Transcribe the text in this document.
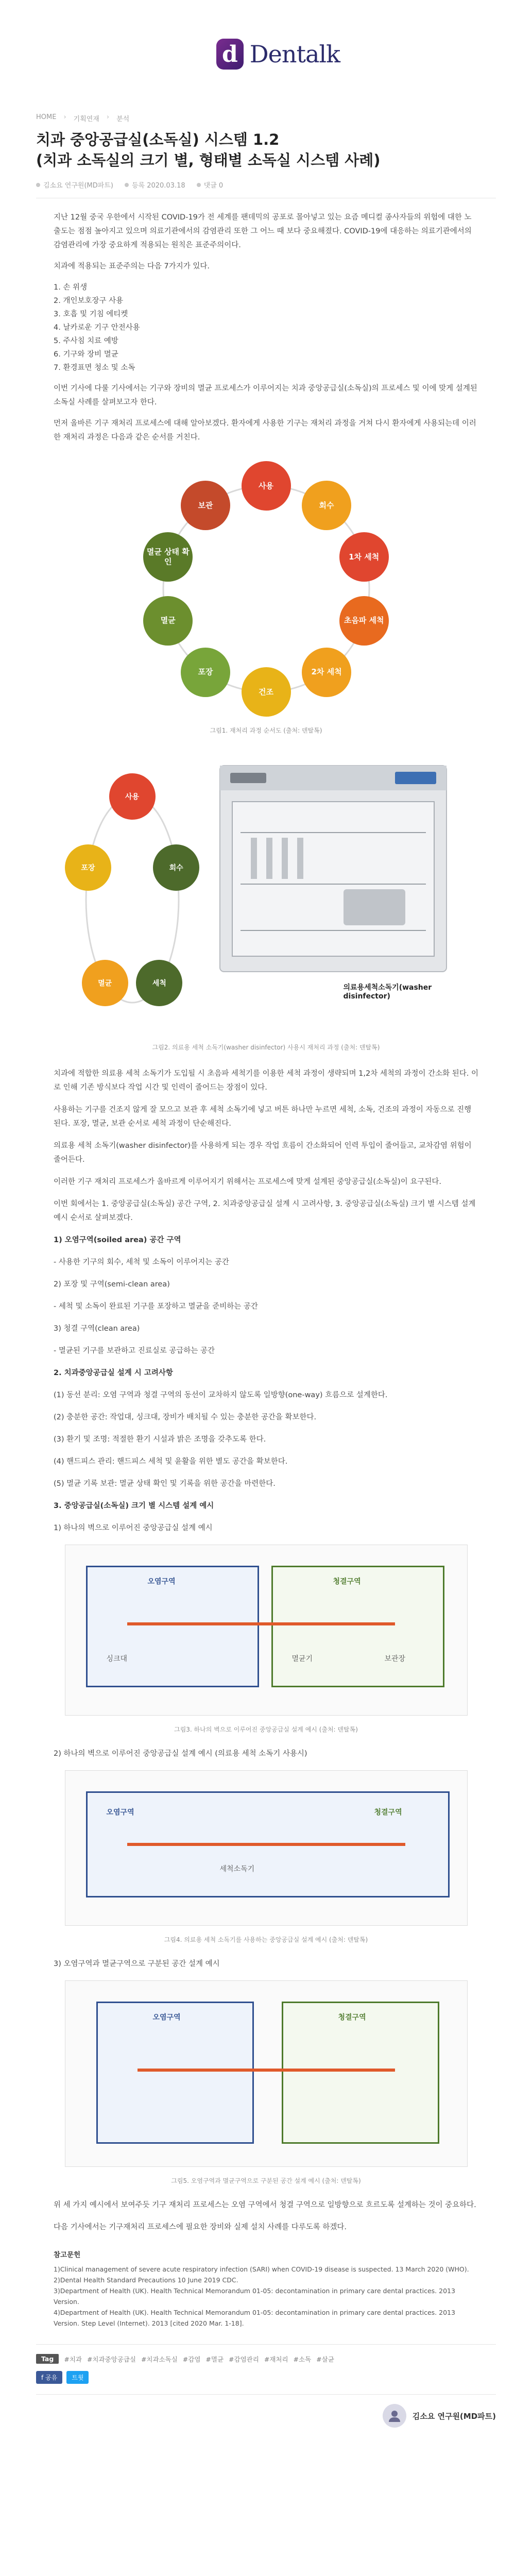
d Dentalk
HOME › 기획연재 › 분석
치과 중앙공급실(소독실) 시스템 1.2
(치과 소독실의 크기 별, 형태별 소독실 시스템 사례)
김소요 연구원(MD파트)	등록 2020.03.18	댓글 0

지난 12월 중국 우한에서 시작된 COVID-19가 전 세계를 팬데믹의 공포로 몰아넣고 있는 요즘 메디컬 종사자들의 위험에 대한 노출도는 점점 높아지고 있으며 의료기관에서의 감염관리 또한 그 어느 때 보다 중요해졌다. COVID-19에 대응하는 의료기관에서의 감염관리에 가장 중요하게 적용되는 원칙은 표준주의이다.

치과에 적용되는 표준주의는 다음 7가지가 있다.

1. 손 위생
2. 개인보호장구 사용
3. 호흡 및 기침 에티켓
4. 날카로운 기구 안전사용
5. 주사침 치료 예방
6. 기구와 장비 멸균
7. 환경표면 청소 및 소독

이번 기사에 다룰 기사에서는 기구와 장비의 멸균 프로세스가 이루어지는 치과 중앙공급실(소독실)의 프로세스 및 이에 맞게 설계된 소독실 사례를 살펴보고자 한다.

먼저 올바른 기구 재처리 프로세스에 대해 알아보겠다. 환자에게 사용한 기구는 재처리 과정을 거쳐 다시 환자에게 사용되는데 이러한 재처리 과정은 다음과 같은 순서를 거친다.

사용
회수
1차 세척
초음파 세척
2차 세척
건조
포장
멸균
멸균 상태 확인
보관
그림1. 재처리 과정 순서도 (출처: 덴탈톡)
사용
회수
세척
멸균
포장
의료용세척소독기(washer disinfector)
그림2. 의료용 세척 소독기(washer disinfector) 사용시 재처리 과정 (출처: 덴탈톡)

치과에 적합한 의료용 세척 소독기가 도입될 시 초음파 세척기를 이용한 세척 과정이 생략되며 1,2차 세척의 과정이 간소화 된다. 이로 인해 기존 방식보다 작업 시간 및 인력이 줄어드는 장점이 있다.

사용하는 기구를 건조지 않게 잘 모으고 보관 후 세척 소독기에 넣고 버튼 하나만 누르면 세척, 소독, 건조의 과정이 자동으로 진행된다. 포장, 멸균, 보관 순서로 세척 과정이 단순해진다.

의료용 세척 소독기(washer disinfector)를 사용하게 되는 경우 작업 흐름이 간소화되어 인력 투입이 줄어들고, 교차감염 위험이 줄어든다.

이러한 기구 재처리 프로세스가 올바르게 이루어지기 위해서는 프로세스에 맞게 설계된 중앙공급실(소독실)이 요구된다.

이번 회에서는 1. 중앙공급실(소독실) 공간 구역, 2. 치과중앙공급실 설계 시 고려사항, 3. 중앙공급실(소독실) 크기 별 시스템 설계 예시 순서로 살펴보겠다.

1) 오염구역(soiled area) 공간 구역

- 사용한 기구의 회수, 세척 및 소독이 이루어지는 공간

2) 포장 및 구역(semi-clean area)

- 세척 및 소독이 완료된 기구를 포장하고 멸균을 준비하는 공간

3) 청결 구역(clean area)

- 멸균된 기구를 보관하고 진료실로 공급하는 공간

2. 치과중앙공급실 설계 시 고려사항

(1) 동선 분리: 오염 구역과 청결 구역의 동선이 교차하지 않도록 일방향(one-way) 흐름으로 설계한다.

(2) 충분한 공간: 작업대, 싱크대, 장비가 배치될 수 있는 충분한 공간을 확보한다.

(3) 환기 및 조명: 적절한 환기 시설과 밝은 조명을 갖추도록 한다.

(4) 핸드피스 관리: 핸드피스 세척 및 윤활을 위한 별도 공간을 확보한다.

(5) 멸균 기록 보관: 멸균 상태 확인 및 기록을 위한 공간을 마련한다.

3. 중앙공급실(소독실) 크기 별 시스템 설계 예시

1) 하나의 벽으로 이루어진 중앙공급실 설계 예시

오염구역	청결구역
싱크대	멸균기	보관장
그림3. 하나의 벽으로 이루어진 중앙공급실 설계 예시 (출처: 덴탈톡)

2) 하나의 벽으로 이루어진 중앙공급실 설계 예시 (의료용 세척 소독기 사용시)

오염구역	청결구역
세척소독기
그림4. 의료용 세척 소독기를 사용하는 중앙공급실 설계 예시 (출처: 덴탈톡)

3) 오염구역과 멸균구역으로 구분된 공간 설계 예시

오염구역	청결구역
그림5. 오염구역과 멸균구역으로 구분된 공간 설계 예시 (출처: 덴탈톡)

위 세 가지 예시에서 보여주듯 기구 재처리 프로세스는 오염 구역에서 청결 구역으로 일방향으로 흐르도록 설계하는 것이 중요하다.

다음 기사에서는 기구재처리 프로세스에 필요한 장비와 실제 설치 사례를 다루도록 하겠다.

참고문헌
1)Clinical management of severe acute respiratory infection (SARI) when COVID-19 disease is suspected. 13 March 2020 (WHO).
2)Dental Health Standard Precautions 10 June 2019 CDC.
3)Department of Health (UK). Health Technical Memorandum 01-05: decontamination in primary care dental practices. 2013 Version.
4)Department of Health (UK). Health Technical Memorandum 01-05: decontamination in primary care dental practices. 2013 Version. Step Level (Internet). 2013 [cited 2020 Mar. 1-18].
Tag	#치과 #치과중앙공급실 #치과소독실 #감염 #멸균 #감염관리 #재처리 #소독 #살균
f 공유	트윗
김소요 연구원(MD파트)
